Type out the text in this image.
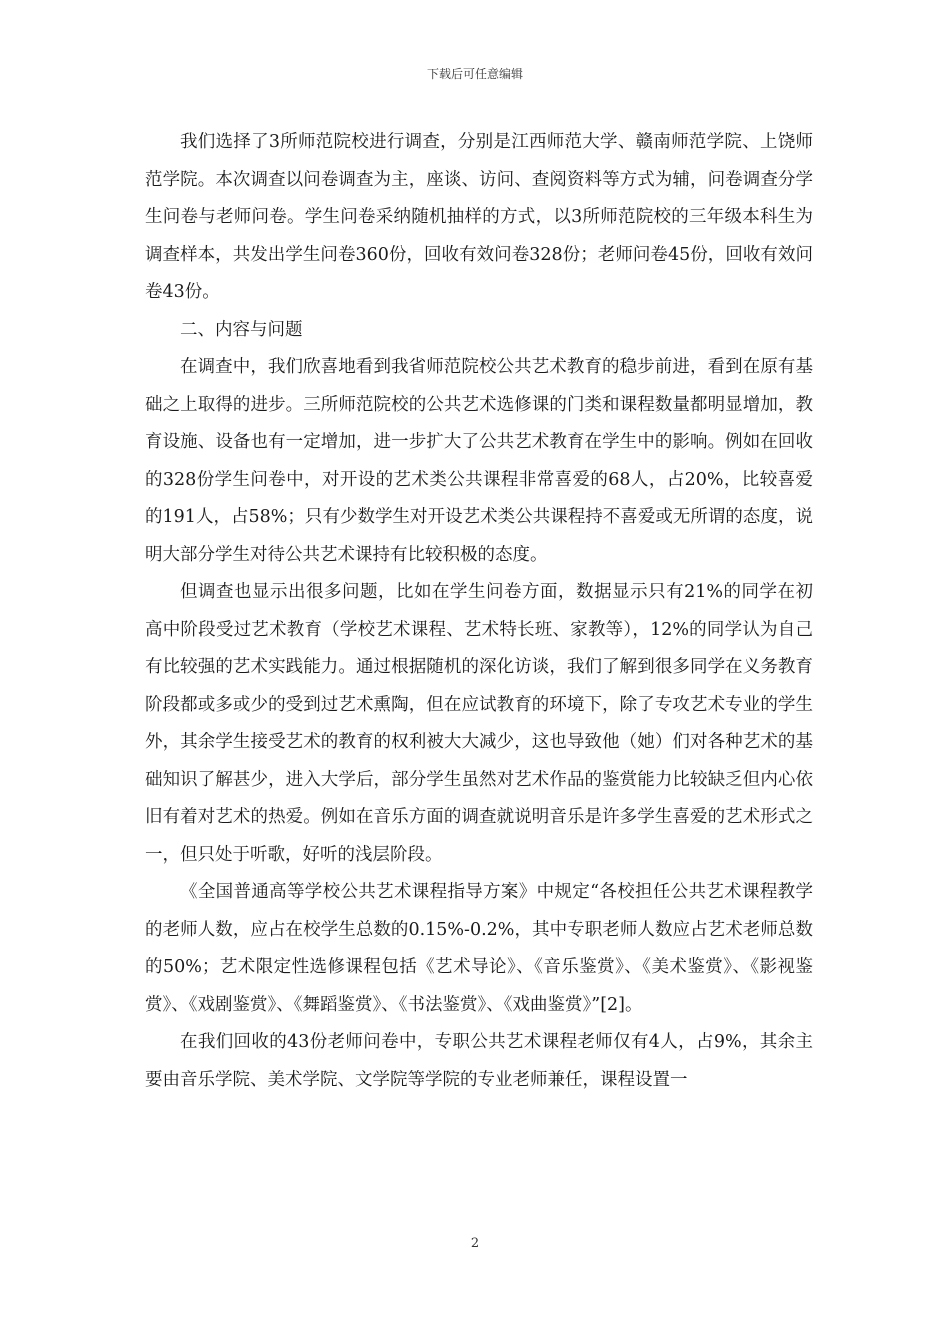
下载后可任意编辑

我们选择了3所师范院校进行调查，分别是江西师范大学、赣南师范学院、上饶师范学院。本次调查以问卷调查为主，座谈、访问、查阅资料等方式为辅，问卷调查分学生问卷与老师问卷。学生问卷采纳随机抽样的方式，以3所师范院校的三年级本科生为调查样本，共发出学生问卷360份，回收有效问卷328份；老师问卷45份，回收有效问卷43份。

二、内容与问题

在调查中，我们欣喜地看到我省师范院校公共艺术教育的稳步前进，看到在原有基础之上取得的进步。三所师范院校的公共艺术选修课的门类和课程数量都明显增加，教育设施、设备也有一定增加，进一步扩大了公共艺术教育在学生中的影响。例如在回收的328份学生问卷中，对开设的艺术类公共课程非常喜爱的68人，占20%，比较喜爱的191人，占58%；只有少数学生对开设艺术类公共课程持不喜爱或无所谓的态度，说明大部分学生对待公共艺术课持有比较积极的态度。

但调查也显示出很多问题，比如在学生问卷方面，数据显示只有21%的同学在初高中阶段受过艺术教育（学校艺术课程、艺术特长班、家教等），12%的同学认为自己有比较强的艺术实践能力。通过根据随机的深化访谈，我们了解到很多同学在义务教育阶段都或多或少的受到过艺术熏陶，但在应试教育的环境下，除了专攻艺术专业的学生外，其余学生接受艺术的教育的权利被大大减少，这也导致他（她）们对各种艺术的基础知识了解甚少，进入大学后，部分学生虽然对艺术作品的鉴赏能力比较缺乏但内心依旧有着对艺术的热爱。例如在音乐方面的调查就说明音乐是许多学生喜爱的艺术形式之一，但只处于听歌，好听的浅层阶段。

《全国普通高等学校公共艺术课程指导方案》中规定“各校担任公共艺术课程教学的老师人数，应占在校学生总数的0.15%-0.2%，其中专职老师人数应占艺术老师总数的50%；艺术限定性选修课程包括《艺术导论》、《音乐鉴赏》、《美术鉴赏》、《影视鉴赏》、《戏剧鉴赏》、《舞蹈鉴赏》、《书法鉴赏》、《戏曲鉴赏》”[2]。

在我们回收的43份老师问卷中，专职公共艺术课程老师仅有4人，占9%，其余主要由音乐学院、美术学院、文学院等学院的专业老师兼任，课程设置一

2
